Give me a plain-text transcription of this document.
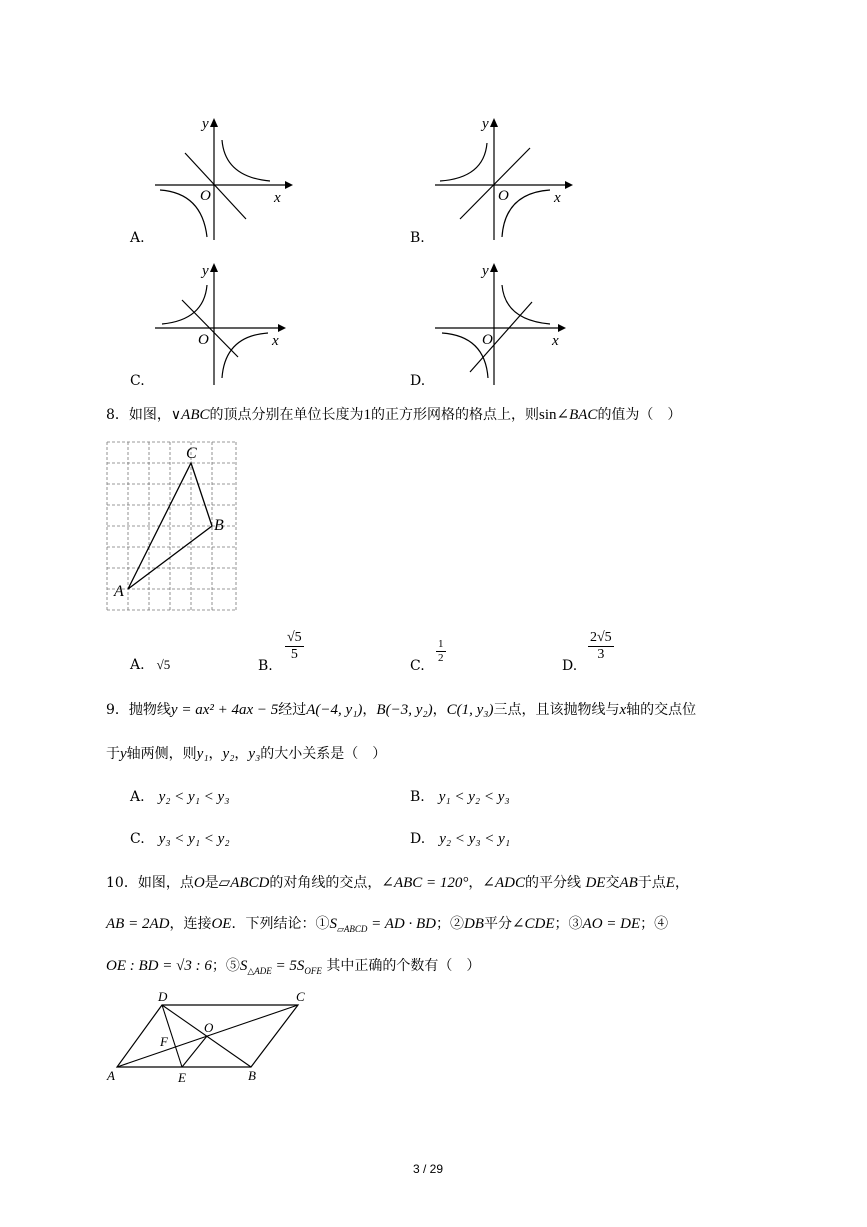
y
O	x
A.
y
O	x
B.
y
O	x
C.
y
O	x
D.
8．如图，∨ABC的顶点分别在单位长度为1的正方形网格的格点上，则sin∠BAC的值为（　）
C
B
A
A. √5	B.
$\frac{√5}{5}$
C.
$\frac{1}{2}$
D.
$\frac{2√5}{3}$
9．抛物线y = ax² + 4ax − 5经过A(−4, y₁)，B(−3, y₂)，C(1, y₃)三点，且该抛物线与x轴的交点位
于y轴两侧，则y₁，y₂，y₃的大小关系是（　）
A. y₂ < y₁ < y₃	B. y₁ < y₂ < y₃
C. y₃ < y₁ < y₂	D. y₂ < y₃ < y₁
10．如图，点O是▱ABCD的对角线的交点，∠ABC = 120°，∠ADC的平分线 DE交AB于点E，
AB = 2AD，连接OE．下列结论：$①S_{▱ABCD}$ = AD · BD；②DB平分∠CDE；③AO = DE；④
OE : BD = √3 : 6；$⑤S_{\triangle ADE} = 5S_{OFE}$ 其中正确的个数有（　）
D	C
O
F
A	E	B
3 / 29
